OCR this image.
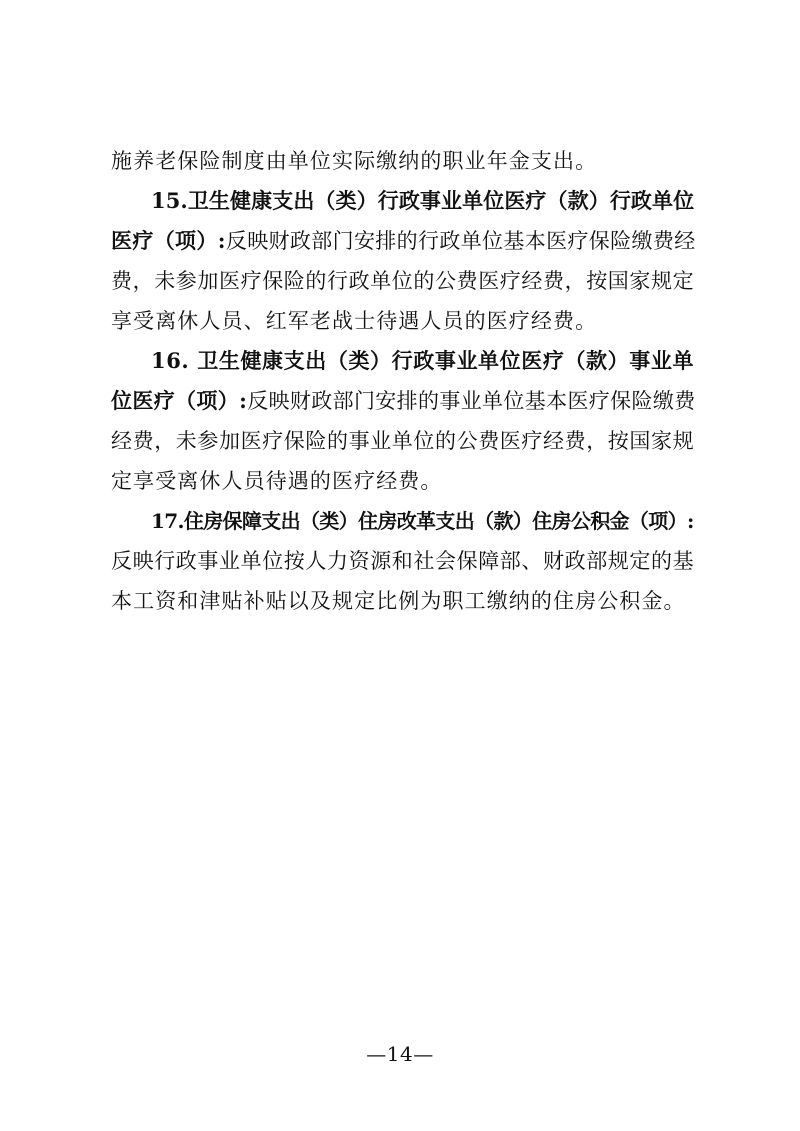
施养老保险制度由单位实际缴纳的职业年金支出。
15.卫生健康支出（类）行政事业单位医疗（款）行政单位
医疗（项）:反映财政部门安排的行政单位基本医疗保险缴费经
费，未参加医疗保险的行政单位的公费医疗经费，按国家规定
享受离休人员、红军老战士待遇人员的医疗经费。
16. 卫生健康支出（类）行政事业单位医疗（款）事业单
位医疗（项）:反映财政部门安排的事业单位基本医疗保险缴费
经费，未参加医疗保险的事业单位的公费医疗经费，按国家规
定享受离休人员待遇的医疗经费。
17.住房保障支出（类）住房改革支出（款）住房公积金（项）:
反映行政事业单位按人力资源和社会保障部、财政部规定的基
本工资和津贴补贴以及规定比例为职工缴纳的住房公积金。
—14—
